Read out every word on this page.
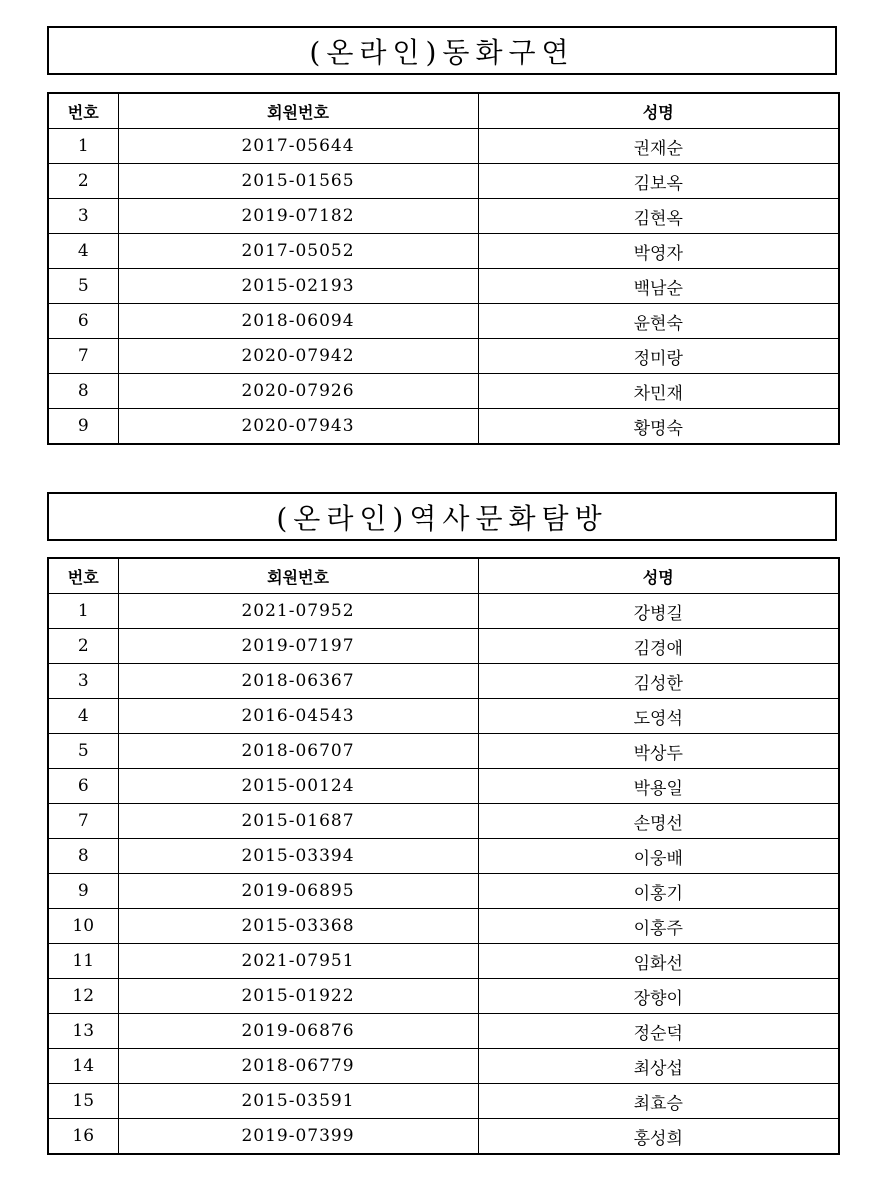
(온라인)동화구연
번호	회원번호	성명
1	2017-05644	권재순
2	2015-01565	김보옥
3	2019-07182	김현옥
4	2017-05052	박영자
5	2015-02193	백남순
6	2018-06094	윤현숙
7	2020-07942	정미랑
8	2020-07926	차민재
9	2020-07943	황명숙
(온라인)역사문화탐방
번호	회원번호	성명
1	2021-07952	강병길
2	2019-07197	김경애
3	2018-06367	김성한
4	2016-04543	도영석
5	2018-06707	박상두
6	2015-00124	박용일
7	2015-01687	손명선
8	2015-03394	이웅배
9	2019-06895	이홍기
10	2015-03368	이홍주
11	2021-07951	임화선
12	2015-01922	장향이
13	2019-06876	정순덕
14	2018-06779	최상섭
15	2015-03591	최효승
16	2019-07399	홍성희
